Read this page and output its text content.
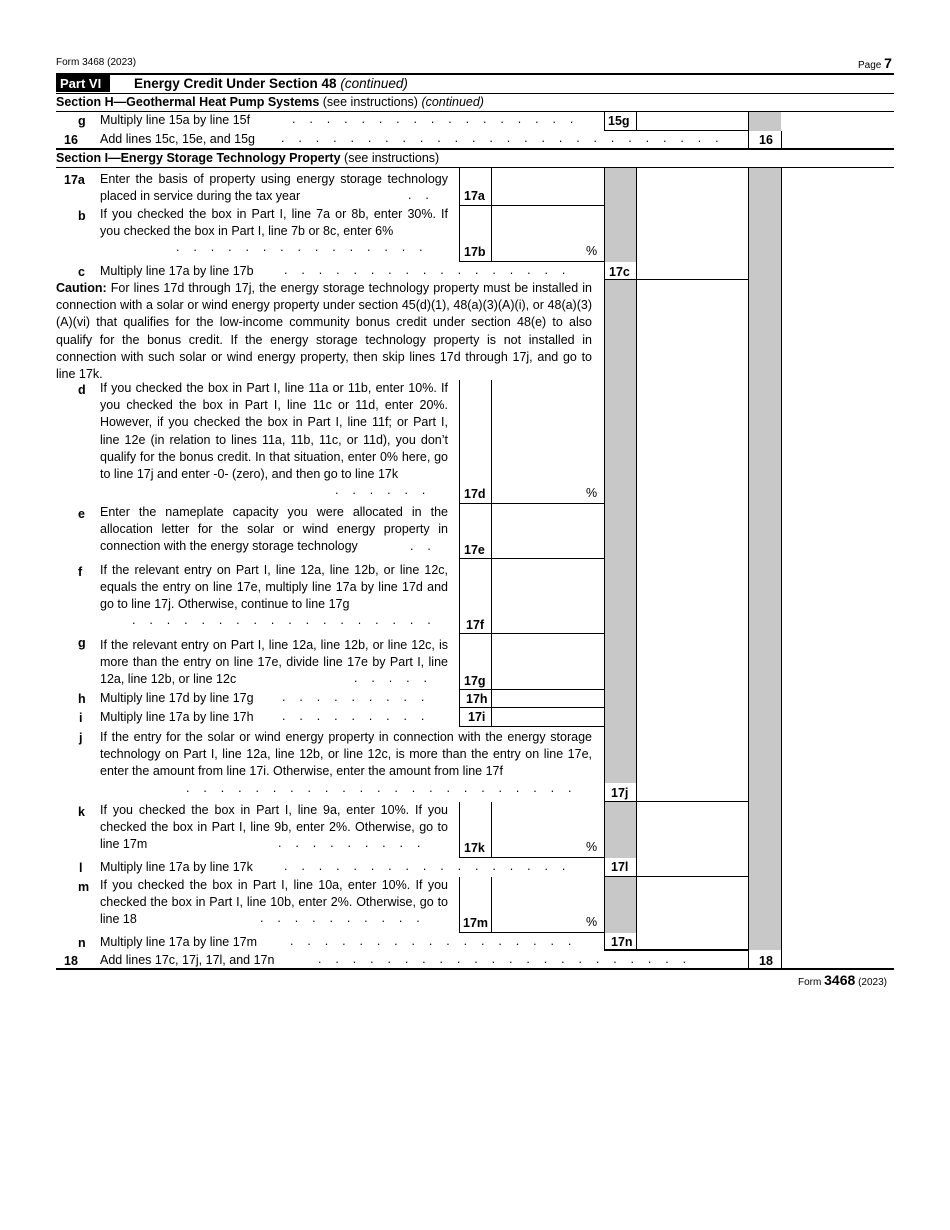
Form 3468 (2023)	Page 7
Part VI	Energy Credit Under Section 48 (continued)
Section H—Geothermal Heat Pump Systems (see instructions) (continued)
g Multiply line 15a by line 15f	.    .    .    .    .    .    .    .    .    .    .    .    .    .    .    .    .	15g
16 Add lines 15c, 15e, and 15g .    .    .    .    .    .    .    .    .    .    .    .    .    .    .    .    .    .    .    .    .    .    .    .    .    .	16
Section I—Energy Storage Technology Property (see instructions)
17a Enter the basis of property using energy storage technology placed in service during the tax year	.    .	17a
b If you checked the box in Part I, line 7a or 8b, enter 30%. If you checked the box in Part I, line 7b or 8c, enter 6%
.    .    .    .    .    .    .    .    .    .    .    .    .    .    .	17b	%
c Multiply line 17a by line 17b .    .    .    .    .    .    .    .    .    .    .    .    .    .    .    .    .	17c
Caution: For lines 17d through 17j, the energy storage technology property must be installed in connection with a solar or wind energy property under section 45(d)(1), 48(a)(3)(A)(i), or 48(a)(3)(A)(vi) that qualifies for the low-income community bonus credit under section 48(e) to also qualify for the bonus credit. If the energy storage technology property is not installed in connection with such solar or wind energy property, then skip lines 17d through 17j, and go to line 17k.
d If you checked the box in Part I, line 11a or 11b, enter 10%. If you checked the box in Part I, line 11c or 11d, enter 20%. However, if you checked the box in Part I, line 11f; or Part I, line 12e (in relation to lines 11a, 11b, 11c, or 11d), you don’t qualify for the bonus credit. In that situation, enter 0% here, go to line 17j and enter -0- (zero), and then go to line 17k
.    .    .    .    .    .	17d	%
e Enter the nameplate capacity you were allocated in the allocation letter for the solar or wind energy property in connection with the energy storage technology	.    .	17e
f If the relevant entry on Part I, line 12a, line 12b, or line 12c, equals the entry on line 17e, multiply line 17a by line 17d and go to line 17j. Otherwise, continue to line 17g
.    .    .    .    .    .    .    .    .    .    .    .    .    .    .    .    .    .	17f
g If the relevant entry on Part I, line 12a, line 12b, or line 12c, is more than the entry on line 17e, divide line 17e by Part I, line 12a, line 12b, or line 12c	.    .    .    .    .	17g
h Multiply line 17d by line 17g .    .    .    .    .    .    .    .    .	17h
i Multiply line 17a by line 17h .    .    .    .    .    .    .    .    .	17i
j If the entry for the solar or wind energy property in connection with the energy storage technology on Part I, line 12a, line 12b, or line 12c, is more than the entry on line 17e, enter the amount from line 17i. Otherwise, enter the amount from line 17f
.    .    .    .    .    .    .    .    .    .    .    .    .    .    .    .    .    .    .    .    .    .    .	17j
k If you checked the box in Part I, line 9a, enter 10%. If you checked the box in Part I, line 9b, enter 2%. Otherwise, go to line 17m	.    .    .    .    .    .    .    .    .	17k	%
l Multiply line 17a by line 17k .    .    .    .    .    .    .    .    .    .    .    .    .    .    .    .    .	17l
m If you checked the box in Part I, line 10a, enter 10%. If you checked the box in Part I, line 10b, enter 2%. Otherwise, go to line 18	.    .    .    .    .    .    .    .    .    .	17m	%
n Multiply line 17a by line 17m	.    .    .    .    .    .    .    .    .    .    .    .    .    .    .    .    .	17n
18 Add lines 17c, 17j, 17l, and 17n	.    .    .    .    .    .    .    .    .    .    .    .    .    .    .    .    .    .    .    .    .    .	18
Form 3468 (2023)
